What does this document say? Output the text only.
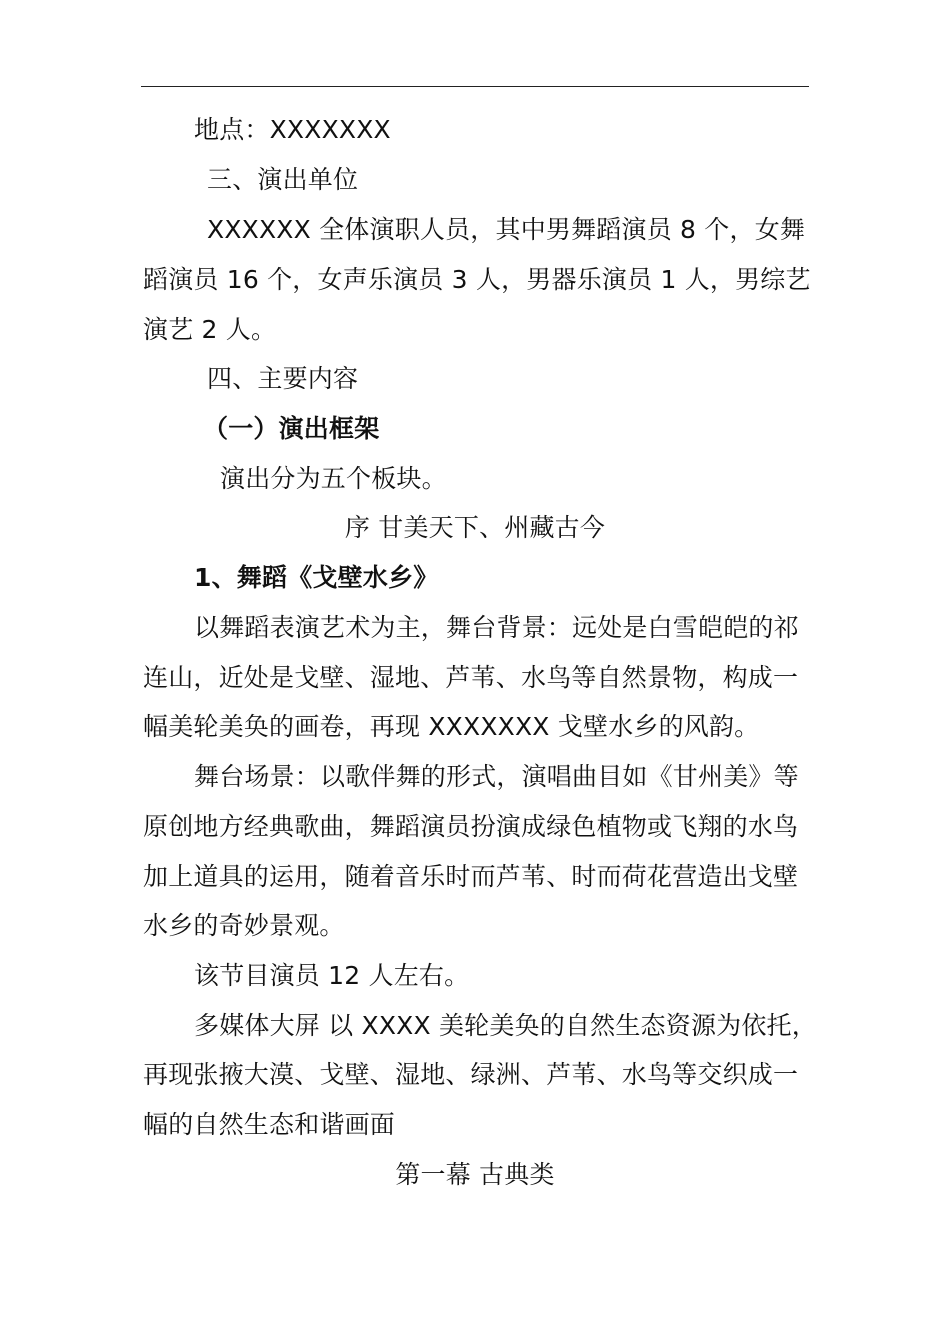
地点：XXXXXXX
三、演出单位
XXXXXX 全体演职人员，其中男舞蹈演员 8 个，女舞
蹈演员 16 个，女声乐演员 3 人，男器乐演员 1 人，男综艺
演艺 2 人。
四、主要内容
（一）演出框架
演出分为五个板块。
序 甘美天下、州藏古今
1、舞蹈《戈壁水乡》
以舞蹈表演艺术为主，舞台背景：远处是白雪皑皑的祁
连山，近处是戈壁、湿地、芦苇、水鸟等自然景物，构成一
幅美轮美奂的画卷，再现 XXXXXXX 戈壁水乡的风韵。
舞台场景：以歌伴舞的形式，演唱曲目如《甘州美》等
原创地方经典歌曲，舞蹈演员扮演成绿色植物或飞翔的水鸟
加上道具的运用，随着音乐时而芦苇、时而荷花营造出戈壁
水乡的奇妙景观。
该节目演员 12 人左右。
多媒体大屏 以 XXXX 美轮美奂的自然生态资源为依托，
再现张掖大漠、戈壁、湿地、绿洲、芦苇、水鸟等交织成一
幅的自然生态和谐画面
第一幕 古典类
